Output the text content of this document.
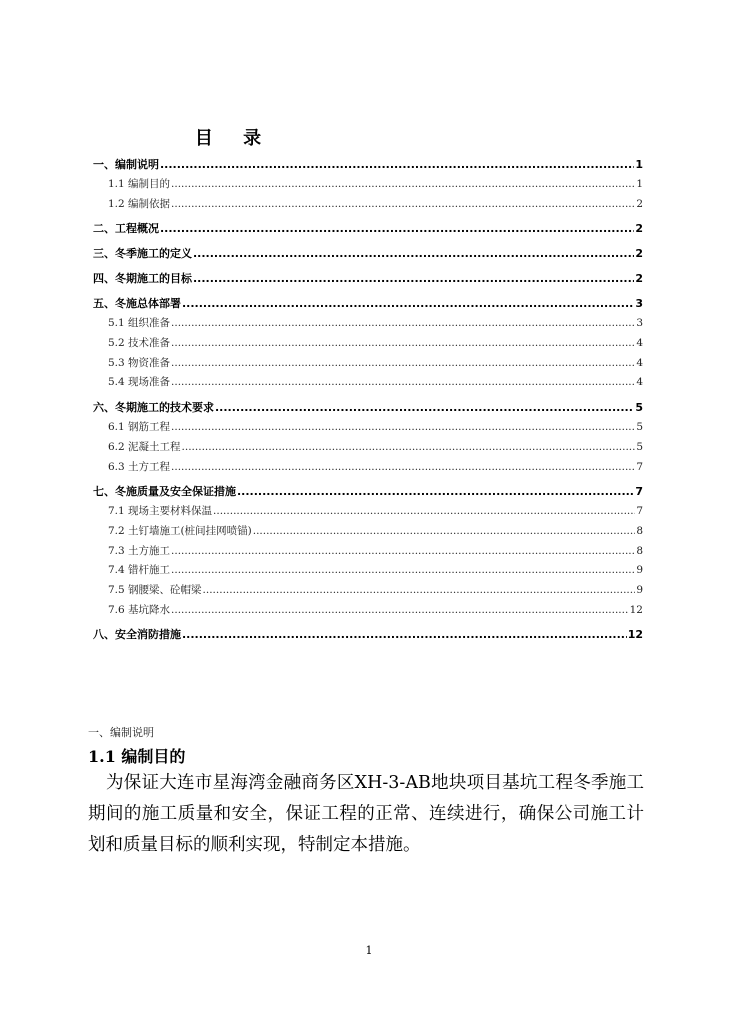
目 录
一、编制说明 .....	1
1.1 编制目的 .....	1
1.2 编制依据 .....	2
二、工程概况 .....	2
三、冬季施工的定义 .....	2
四、冬期施工的目标 .....	2
五、冬施总体部署 .....	3
5.1 组织准备 .....	3
5.2 技术准备 .....	4
5.3 物资准备 .....	4
5.4 现场准备 .....	4
六、冬期施工的技术要求 .....	5
6.1 钢筋工程 .....	5
6.2 泥凝土工程 .....	5
6.3 土方工程 .....	7
七、冬施质量及安全保证措施 .....	7
7.1 现场主要材料保温 .....	7
7.2 土钉墙施工(桩间挂网喷锚) .....	8
7.3 土方施工 .....	8
7.4 错杆施工 .....	9
7.5 钢腰梁、砼帽梁 .....	9
7.6 基坑降水 .....	12
八、安全消防措施 .....	12
一、编制说明
1.1 编制目的
为保证大连市星海湾金融商务区XH-3-AB地块项目基坑工程冬季施工期间的施工质量和安全，保证工程的正常、连续进行，确保公司施工计划和质量目标的顺利实现，特制定本措施。
1
